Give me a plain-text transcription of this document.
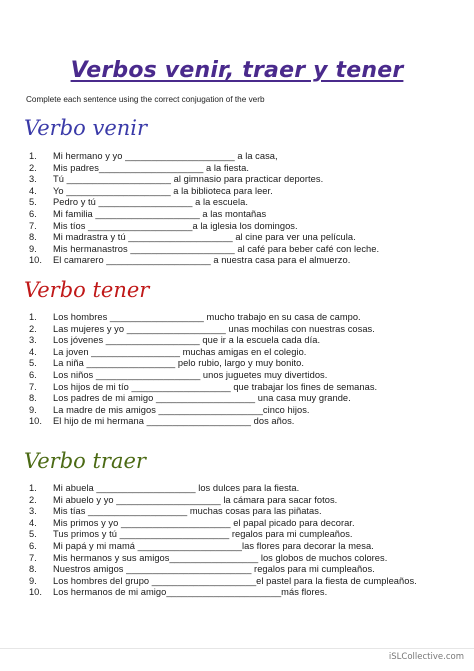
Verbos venir, traer y tener
Complete each sentence using the correct conjugation of the verb
Verbo venir
1. Mi hermano y yo _____________________ a la casa,
2. Mis padres____________________ a la fiesta.
3. Tú ____________________ al gimnasio para practicar deportes.
4. Yo ____________________ a la biblioteca para leer.
5. Pedro y tú __________________ a la escuela.
6. Mi familia ____________________ a las montañas
7. Mis tíos ____________________a la iglesia los domingos.
8. Mi madrastra y tú ____________________ al cine para ver una película.
9. Mis hermanastros ____________________ al café para beber café con leche.
10. El camarero ____________________ a nuestra casa para el almuerzo.
Verbo tener
1. Los hombres __________________ mucho trabajo en su casa de campo.
2. Las mujeres y yo ___________________ unas mochilas con nuestras cosas.
3. Los jóvenes __________________ que ir a la escuela cada día.
4. La joven _________________ muchas amigas en el colegio.
5. La niña _________________ pelo rubio, largo y muy bonito.
6. Los niños ____________________ unos juguetes muy divertidos.
7. Los hijos de mi tío ___________________ que trabajar los fines de semanas.
8. Los padres de mi amigo ___________________ una casa muy grande.
9. La madre de mis amigos ____________________cinco hijos.
10. El hijo de mi hermana ____________________ dos años.
Verbo traer
1. Mi abuela ___________________ los dulces para la fiesta.
2. Mi abuelo y yo ____________________ la cámara para sacar fotos.
3. Mis tías ___________________ muchas cosas para las piñatas.
4. Mis primos y yo _____________________ el papal picado para decorar.
5. Tus primos y tú _____________________ regalos para mi cumpleaños.
6. Mi papá y mi mamá ____________________las flores para decorar la mesa.
7. Mis hermanos y sus amigos_________________ los globos de muchos colores.
8. Nuestros amigos ________________________ regalos para mi cumpleaños.
9. Los hombres del grupo ____________________el pastel para la fiesta de cumpleaños.
10. Los hermanos de mi amigo______________________más flores.
iSLCollective.com
